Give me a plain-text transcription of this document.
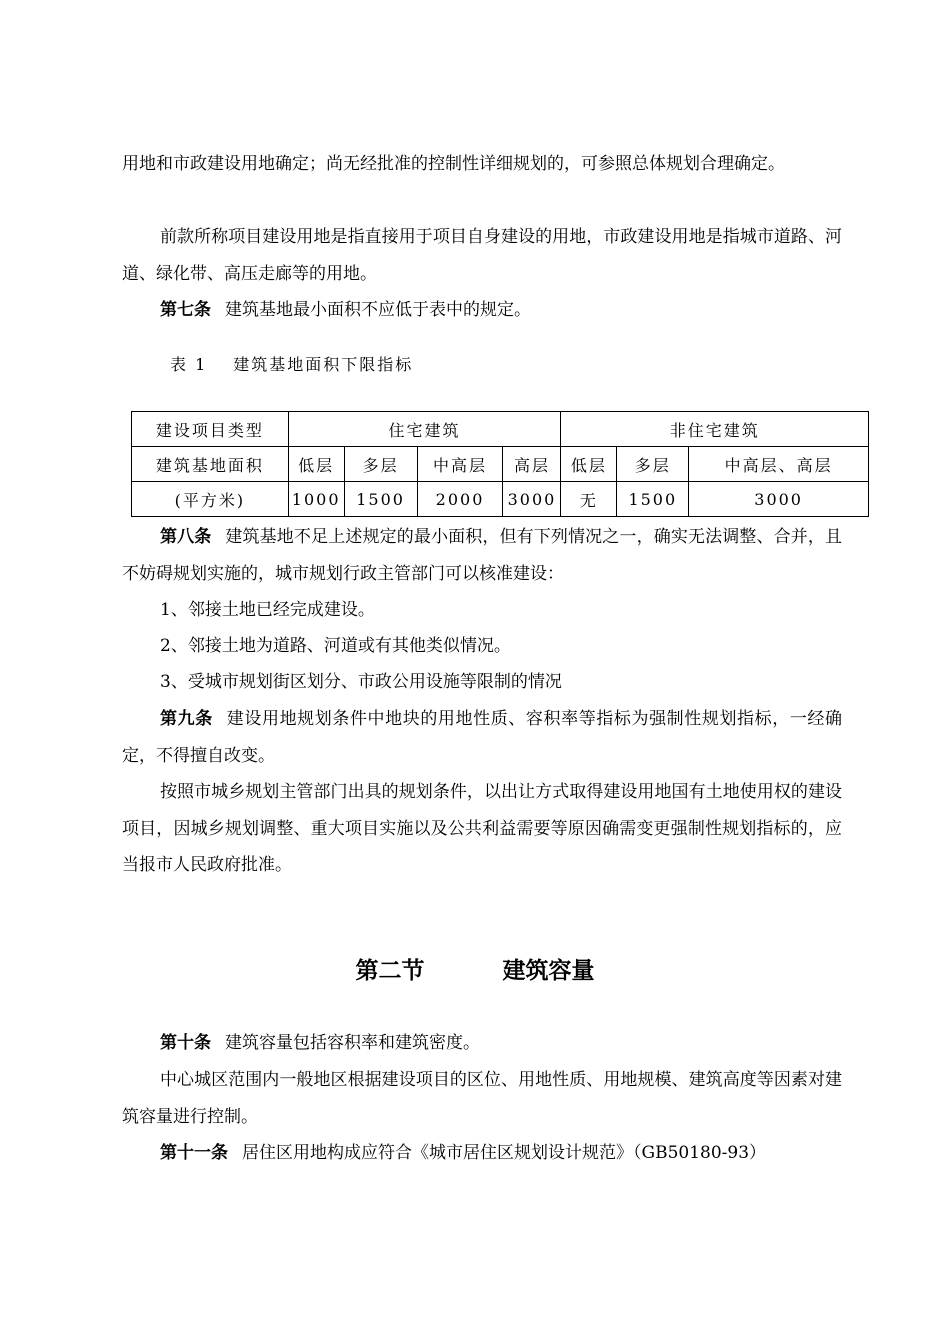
用地和市政建设用地确定；尚无经批准的控制性详细规划的，可参照总体规划合理确定。

前款所称项目建设用地是指直接用于项目自身建设的用地，市政建设用地是指城市道路、河道、绿化带、高压走廊等的用地。

第七条 建筑基地最小面积不应低于表中的规定。

表 1 建筑基地面积下限指标
建设项目类型	住宅建筑				非住宅建筑		
建筑基地面积	低层	多层	中高层	高层	低层	多层	中高层、高层
(平方米)	1000	1500	2000	3000	无	1500	3000

第八条 建筑基地不足上述规定的最小面积，但有下列情况之一，确实无法调整、合并，且不妨碍规划实施的，城市规划行政主管部门可以核准建设：

1、邻接土地已经完成建设。

2、邻接土地为道路、河道或有其他类似情况。

3、受城市规划街区划分、市政公用设施等限制的情况

第九条 建设用地规划条件中地块的用地性质、容积率等指标为强制性规划指标，一经确定，不得擅自改变。

按照市城乡规划主管部门出具的规划条件，以出让方式取得建设用地国有土地使用权的建设项目，因城乡规划调整、重大项目实施以及公共利益需要等原因确需变更强制性规划指标的，应当报市人民政府批准。

第二节	建筑容量

第十条 建筑容量包括容积率和建筑密度。

中心城区范围内一般地区根据建设项目的区位、用地性质、用地规模、建筑高度等因素对建筑容量进行控制。

第十一条 居住区用地构成应符合《城市居住区规划设计规范》（GB50180-93）
